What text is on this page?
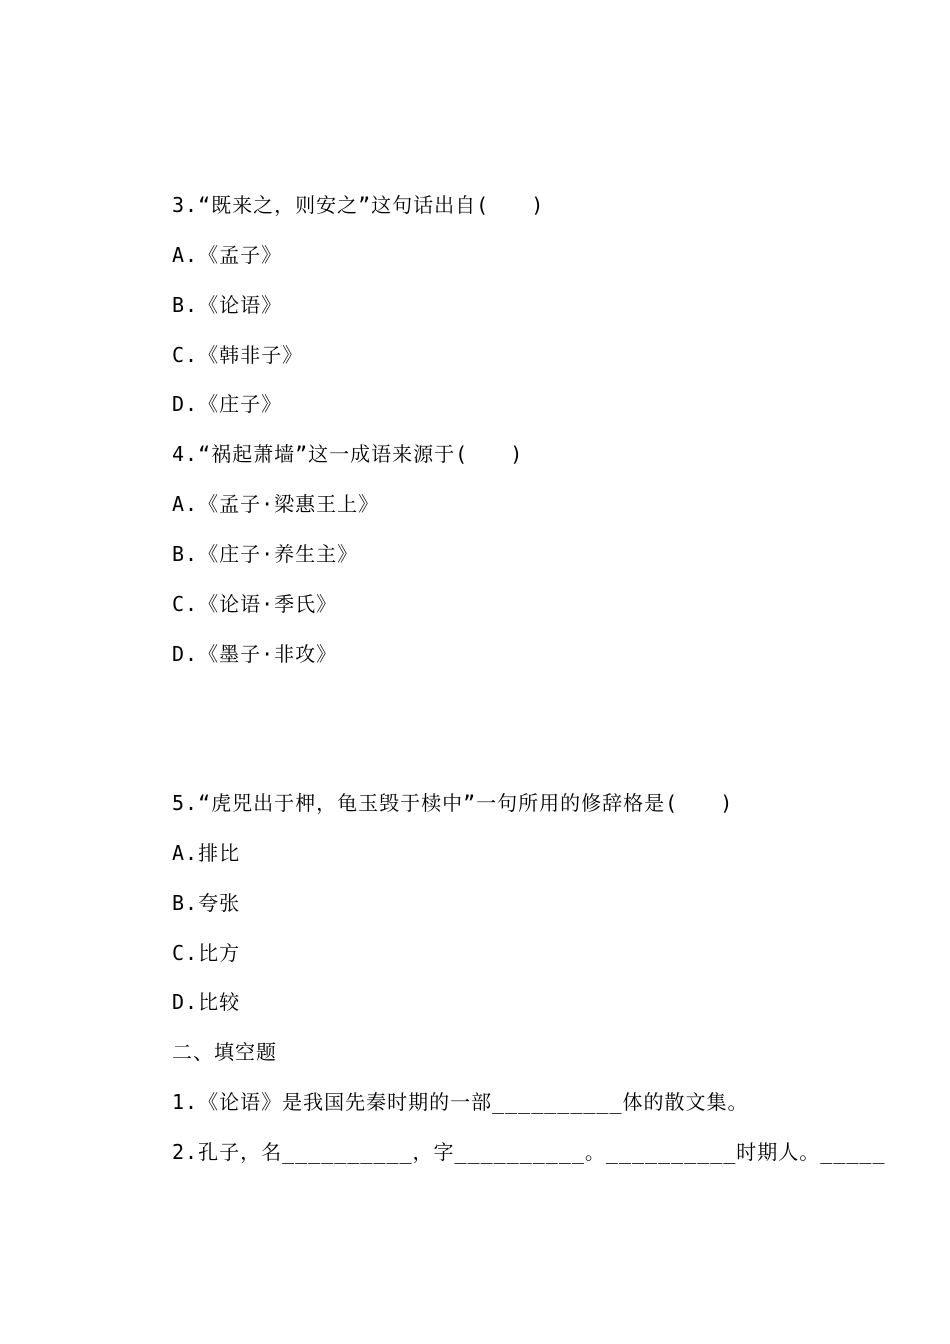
3.“既来之，则安之”这句话出自(　　)
A.《孟子》
B.《论语》
C.《韩非子》
D.《庄子》
4.“祸起萧墙”这一成语来源于(　　)
A.《孟子·梁惠王上》
B.《庄子·养生主》
C.《论语·季氏》
D.《墨子·非攻》
5.“虎兕出于柙，龟玉毁于椟中”一句所用的修辞格是(　　)
A.排比
B.夸张
C.比方
D.比较
二、填空题
1.《论语》是我国先秦时期的一部__________体的散文集。
2.孔子，名__________，字__________。__________时期人。_____
